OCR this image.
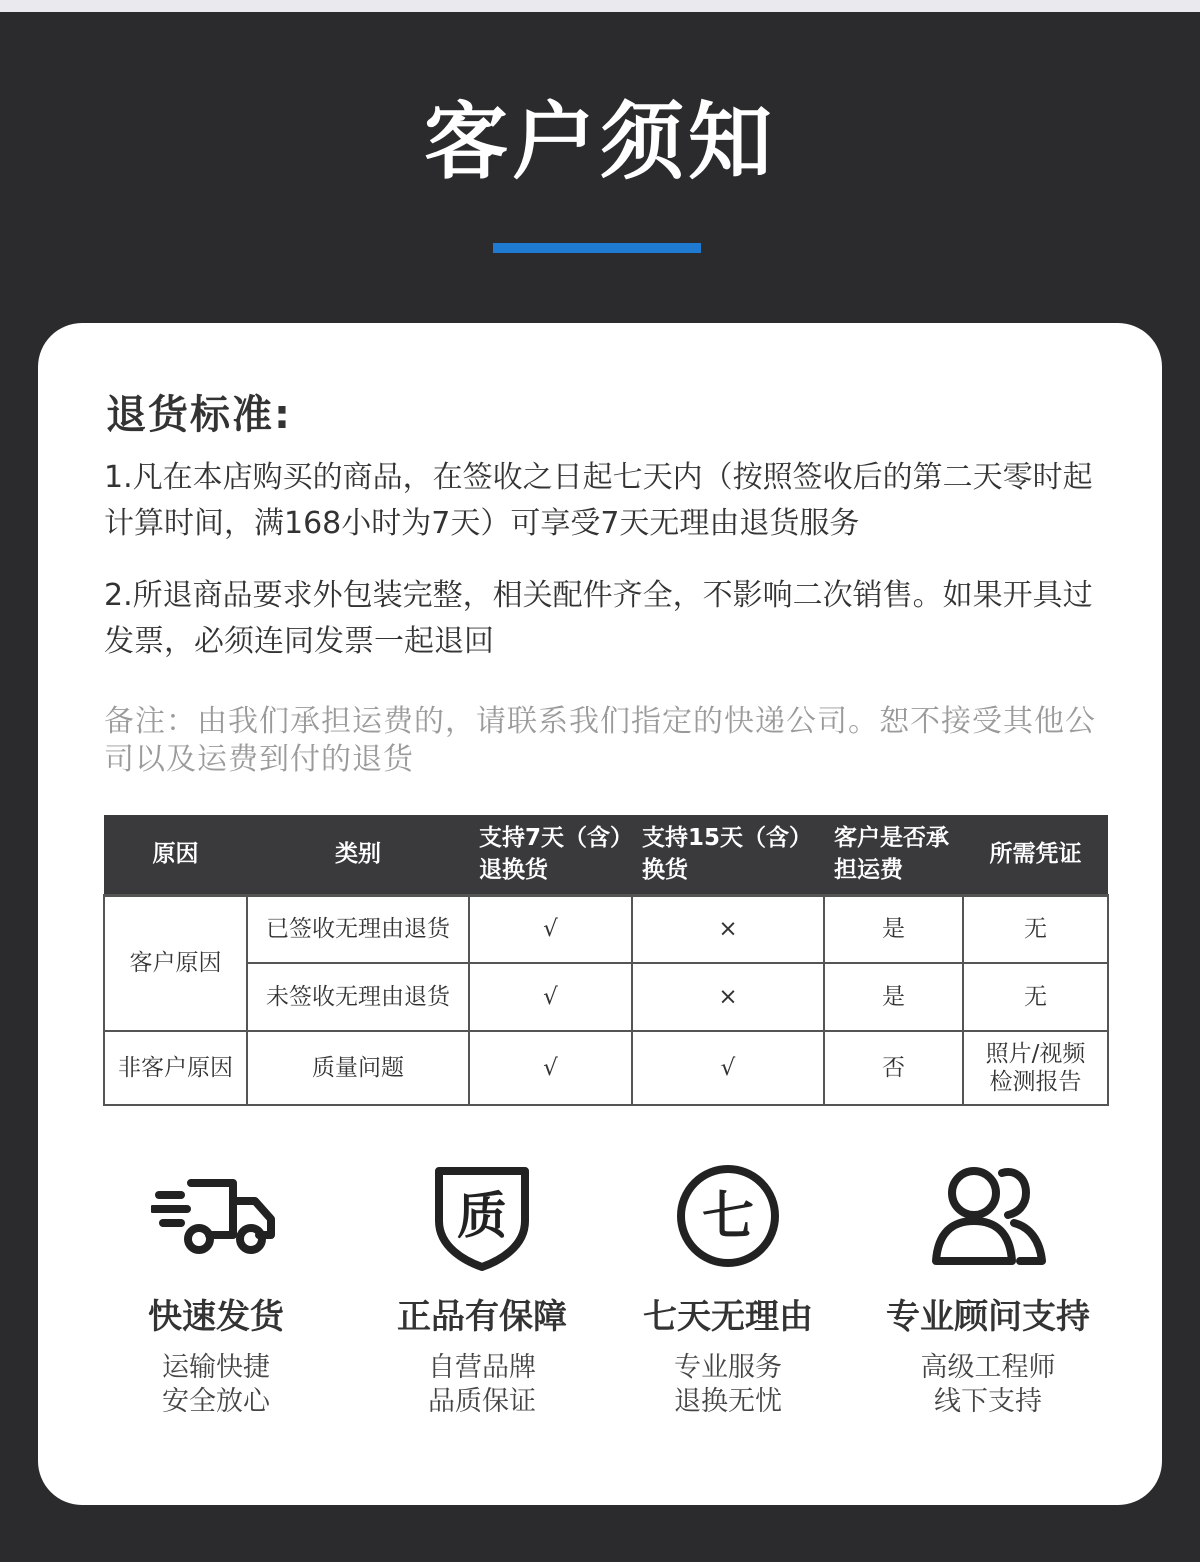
客户须知
退货标准:

1.凡在本店购买的商品，在签收之日起七天内（按照签收后的第二天零时起计算时间，满168小时为7天）可享受7天无理由退货服务

2.所退商品要求外包装完整，相关配件齐全，不影响二次销售。如果开具过发票，必须连同发票一起退回

备注：由我们承担运费的，请联系我们指定的快递公司。恕不接受其他公司以及运费到付的退货

原因	类别	支持7天（含）退换货	支持15天（含）换货	客户是否承担运费	所需凭证
客户原因	已签收无理由退货	√	×	是	无
	未签收无理由退货	√	×	是	无
非客户原因	质量问题	√	√	否	照片/视频检测报告
快速发货
运输快捷
安全放心
质
正品有保障
自营品牌
品质保证
七
七天无理由
专业服务
退换无忧
专业顾问支持
高级工程师
线下支持
